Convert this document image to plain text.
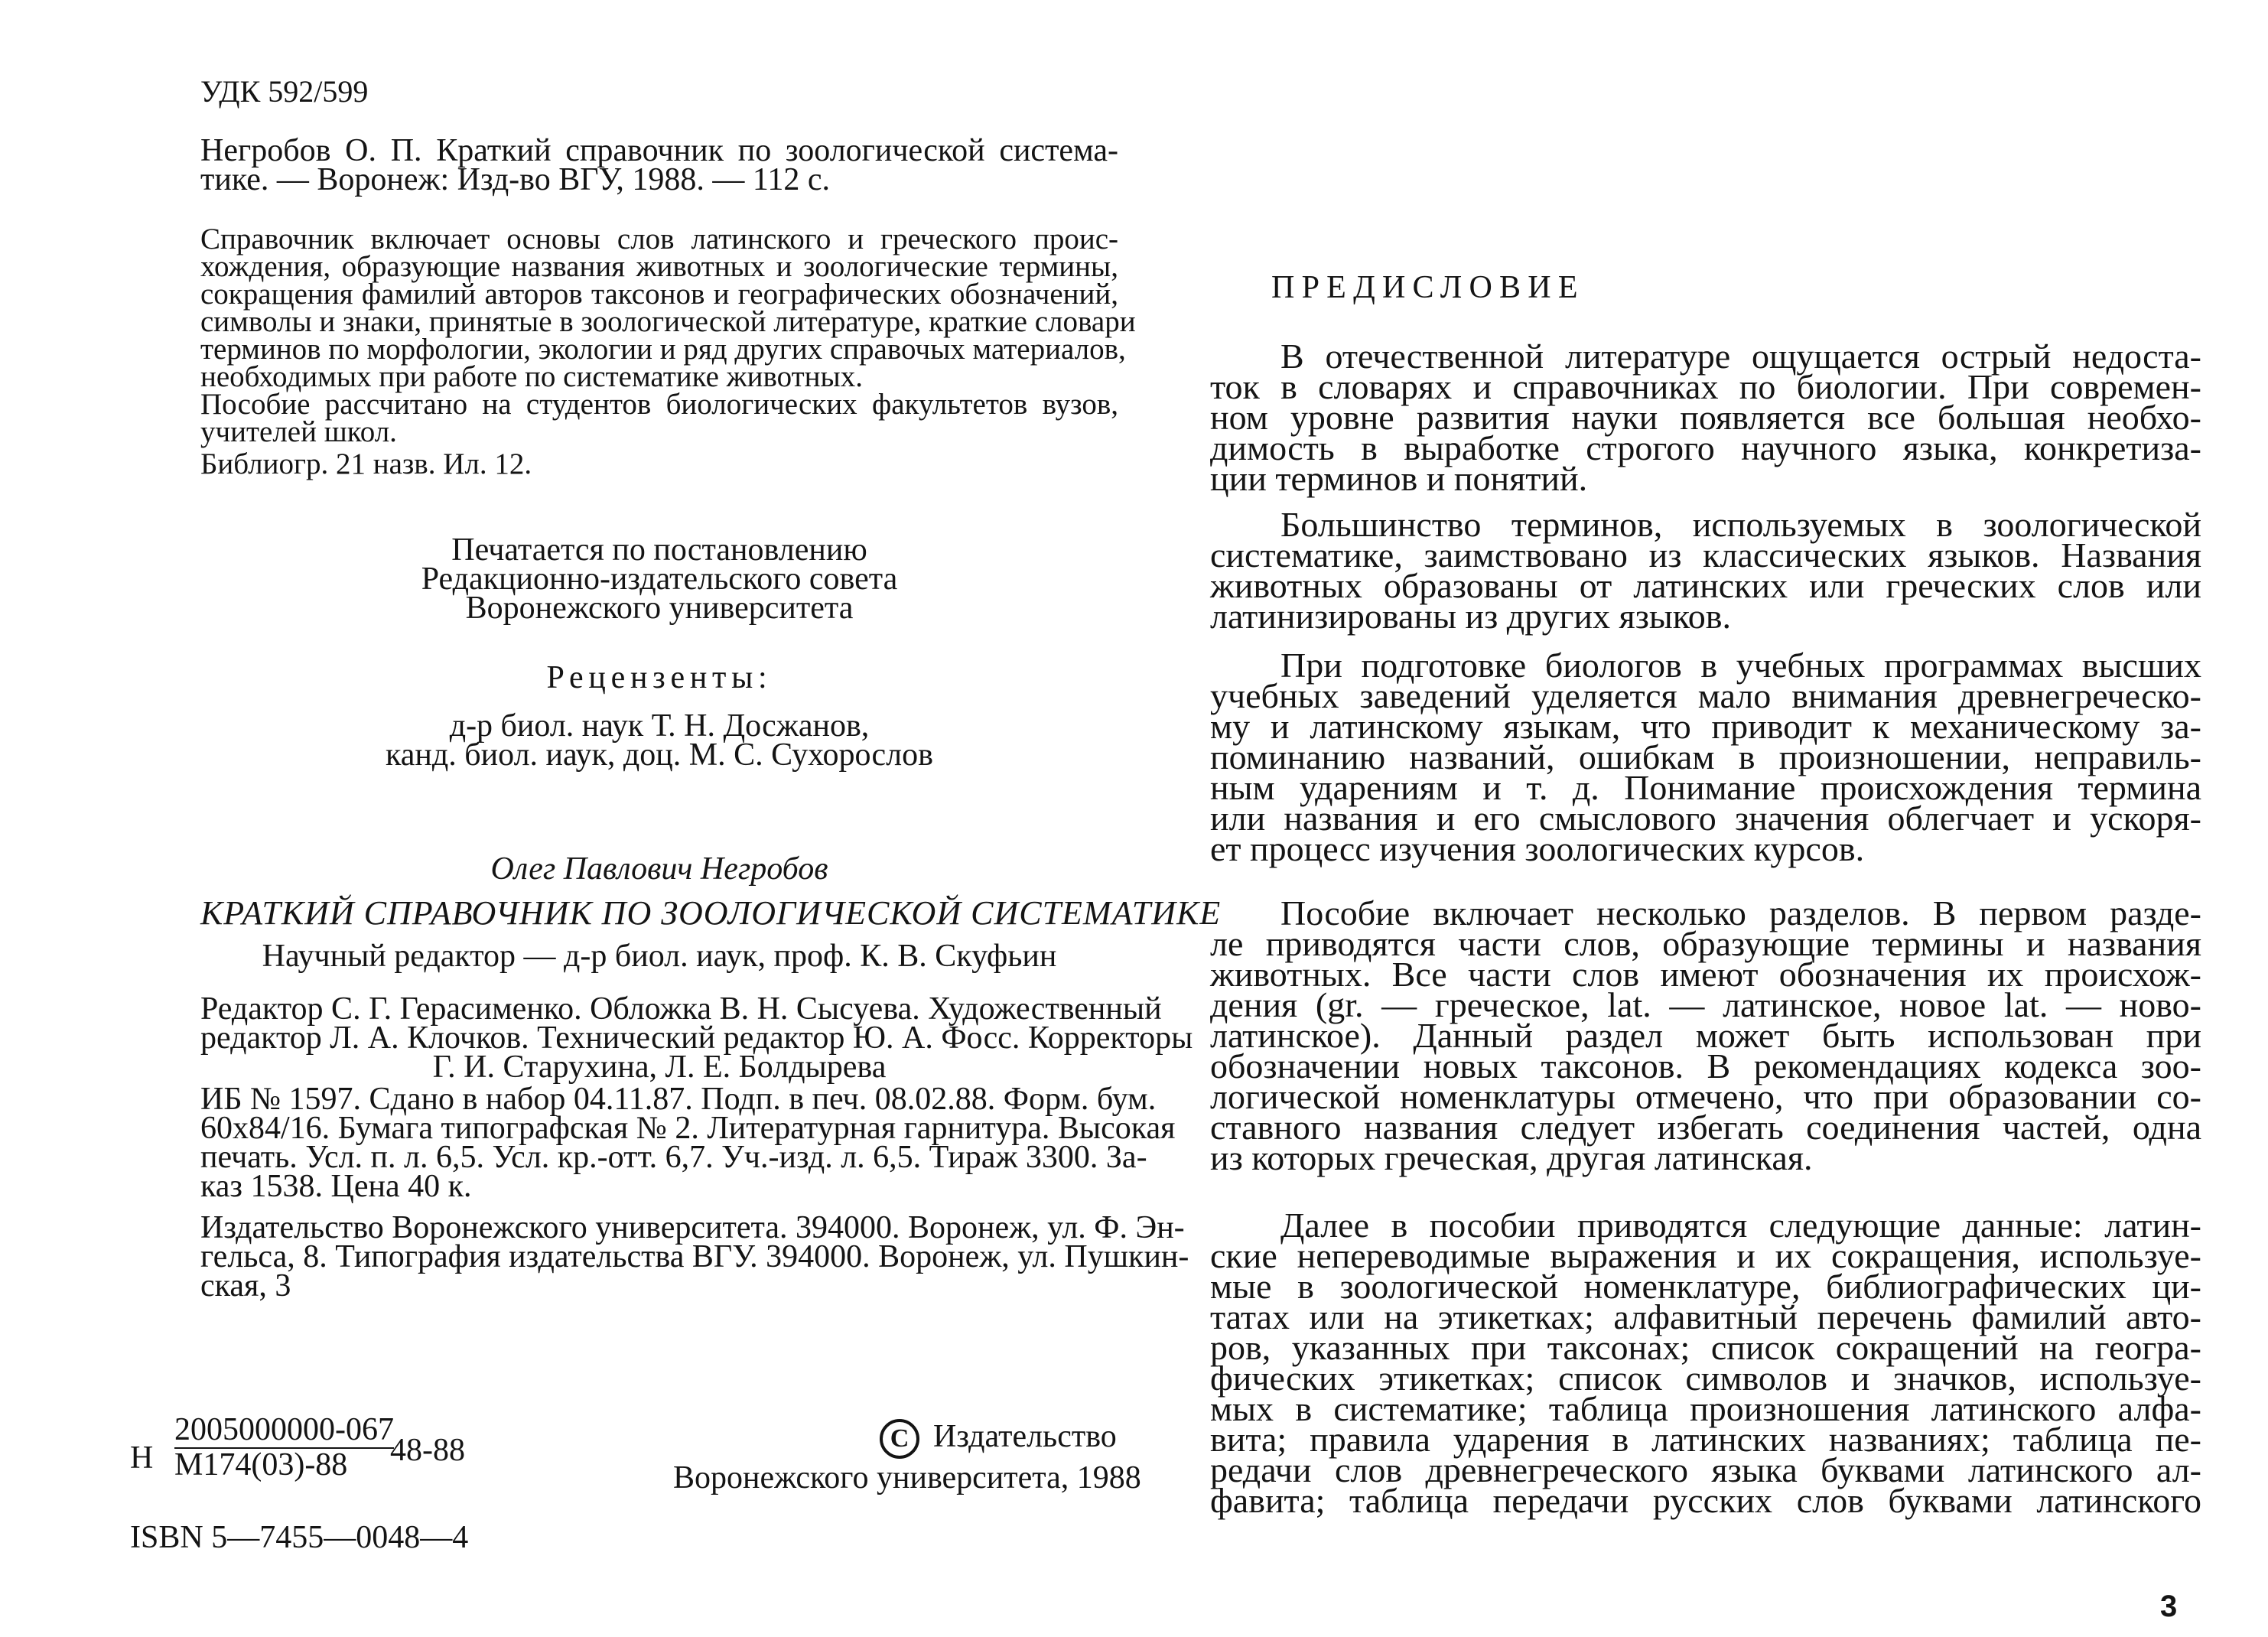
УДК 592/599
Негробов О. П. Краткий справочник по зоологической система-
тике. — Воронеж: Изд-во ВГУ, 1988. — 112 с.
Справочник включает основы слов латинского и греческого проис-
хождения, образующие названия животных и зоологические термины,
сокращения фамилий авторов таксонов и географических обозначений,
символы и знаки, принятые в зоологической литературе, краткие словари
терминов по морфологии, экологии и ряд других справочых материалов,
необходимых при работе по систематике животных.
Пособие рассчитано на студентов биологических факультетов вузов,
учителей школ.
Библиогр. 21 назв. Ил. 12.
Печатается по постановлению
Редакционно-издательского совета
Воронежского университета
Рецензенты:
д-р биол. наук Т. Н. Досжанов,
канд. биол. иаук, доц. М. С. Сухорослов
Олег Павлович Негробов
КРАТКИЙ СПРАВОЧНИК ПО ЗООЛОГИЧЕСКОЙ СИСТЕМАТИКЕ
Научный редактор — д-р биол. иаук, проф. К. В. Скуфьин
Редактор С. Г. Герасименко. Обложка В. Н. Сысуева. Художественный
редактор Л. А. Клочков. Технический редактор Ю. А. Фосс. Корректоры
Г. И. Старухина, Л. Е. Болдырева
ИБ № 1597. Сдано в набор 04.11.87. Подп. в печ. 08.02.88. Форм. бум.
60x84/16. Бумага типографская № 2. Литературная гарнитура. Высокая
печать. Усл. п. л. 6,5. Усл. кр.-отт. 6,7. Уч.-изд. л. 6,5. Тираж 3300. За-
каз 1538. Цена 40 к.
Издательство Воронежского университета. 394000. Воронеж, ул. Ф. Эн-
гельса, 8. Типография издательства ВГУ. 394000. Воронеж, ул. Пушкин-
ская, 3
Н
2005000000-067
М174(03)-88	48-88	C Издательство
Воронежского университета, 1988
ISBN 5—7455—0048—4
ПРЕДИСЛОВИЕ
В отечественной литературе ощущается острый недоста-
ток в словарях и справочниках по биологии. При современ-
ном уровне развития науки появляется все большая необхо-
димость в выработке строгого научного языка, конкретиза-
ции терминов и понятий.
Большинство терминов, используемых в зоологической
систематике, заимствовано из классических языков. Названия
животных образованы от латинских или греческих слов или
латинизированы из других языков.
При подготовке биологов в учебных программах высших
учебных заведений уделяется мало внимания древнегреческо-
му и латинскому языкам, что приводит к механическому за-
поминанию названий, ошибкам в произношении, неправиль-
ным ударениям и т. д. Понимание происхождения термина
или названия и его смыслового значения облегчает и ускоря-
ет процесс изучения зоологических курсов.
Пособие включает несколько разделов. В первом разде-
ле приводятся части слов, образующие термины и названия
животных. Все части слов имеют обозначения их происхож-
дения (gr. — греческое, lat. — латинское, новое lat. — ново-
латинское). Данный раздел может быть использован при
обозначении новых таксонов. В рекомендациях кодекса зоо-
логической номенклатуры отмечено, что при образовании со-
ставного названия следует избегать соединения частей, одна
из которых греческая, другая латинская.
Далее в пособии приводятся следующие данные: латин-
ские непереводимые выражения и их сокращения, используе-
мые в зоологической номенклатуре, библиографических ци-
татах или на этикетках; алфавитный перечень фамилий авто-
ров, указанных при таксонах; список сокращений на геогра-
фических этикетках; список символов и значков, используе-
мых в систематике; таблица произношения латинского алфа-
вита; правила ударения в латинских названиях; таблица пе-
редачи слов древнегреческого языка буквами латинского ал-
фавита; таблица передачи русских слов буквами латинского
3
